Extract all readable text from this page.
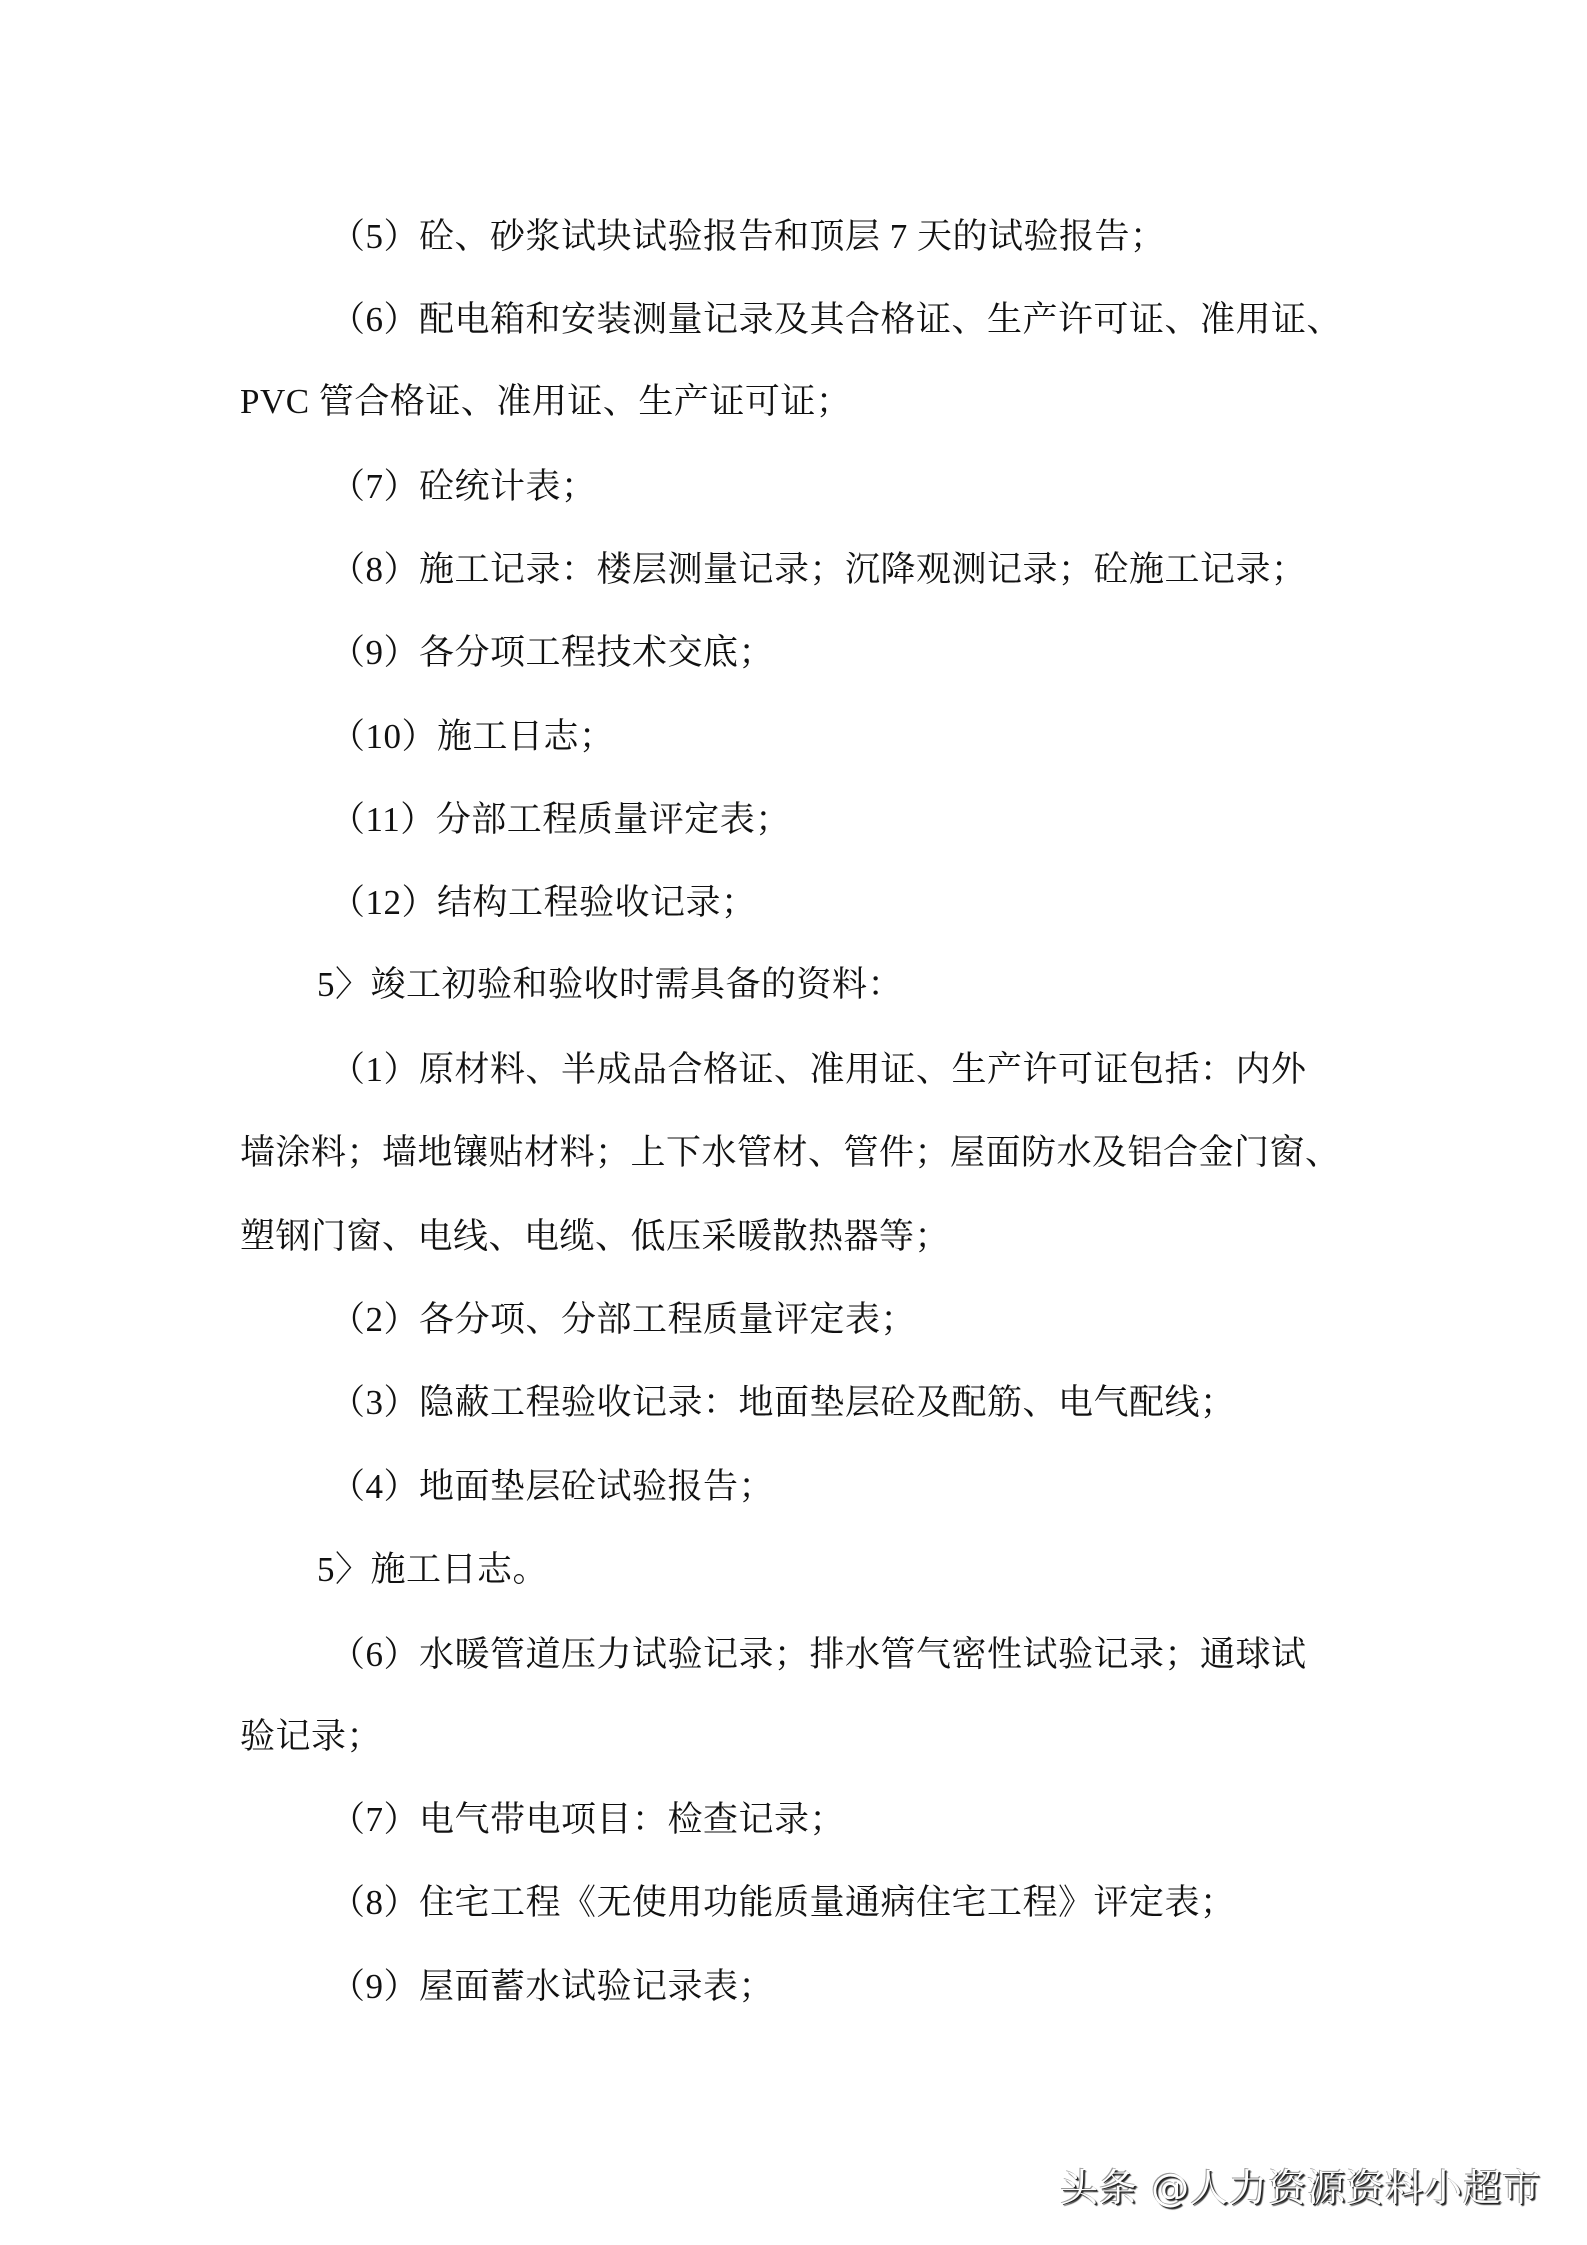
（5）砼、砂浆试块试验报告和顶层 7 天的试验报告；
（6）配电箱和安装测量记录及其合格证、生产许可证、准用证、
PVC 管合格证、准用证、生产证可证；
（7）砼统计表；
（8）施工记录：楼层测量记录；沉降观测记录；砼施工记录；
（9）各分项工程技术交底；
（10）施工日志；
（11）分部工程质量评定表；
（12）结构工程验收记录；
5〉竣工初验和验收时需具备的资料：
（1）原材料、半成品合格证、准用证、生产许可证包括：内外
墙涂料；墙地镶贴材料；上下水管材、管件；屋面防水及铝合金门窗、
塑钢门窗、电线、电缆、低压采暖散热器等；
（2）各分项、分部工程质量评定表；
（3）隐蔽工程验收记录：地面垫层砼及配筋、电气配线；
（4）地面垫层砼试验报告；
5〉施工日志。
（6）水暖管道压力试验记录；排水管气密性试验记录；通球试
验记录；
（7）电气带电项目：检查记录；
（8）住宅工程《无使用功能质量通病住宅工程》评定表；
（9）屋面蓄水试验记录表；
头条 @人力资源资料小超市
